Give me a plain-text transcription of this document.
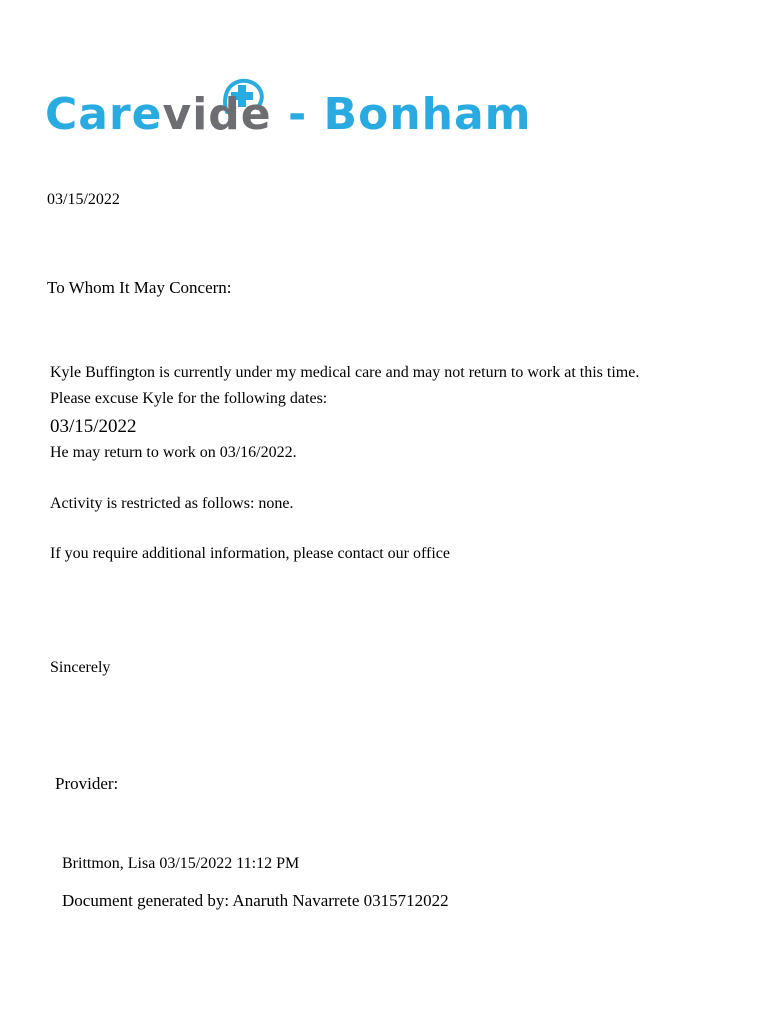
Carevide - Bonham
03/15/2022
To Whom It May Concern:
Kyle Buffington is currently under my medical care and may not return to work at this time.
Please excuse Kyle for the following dates:
03/15/2022
He may return to work on 03/16/2022.
Activity is restricted as follows: none.
If you require additional information, please contact our office
Sincerely
Provider:
Brittmon, Lisa 03/15/2022 11:12 PM
Document generated by: Anaruth Navarrete 0315712022
